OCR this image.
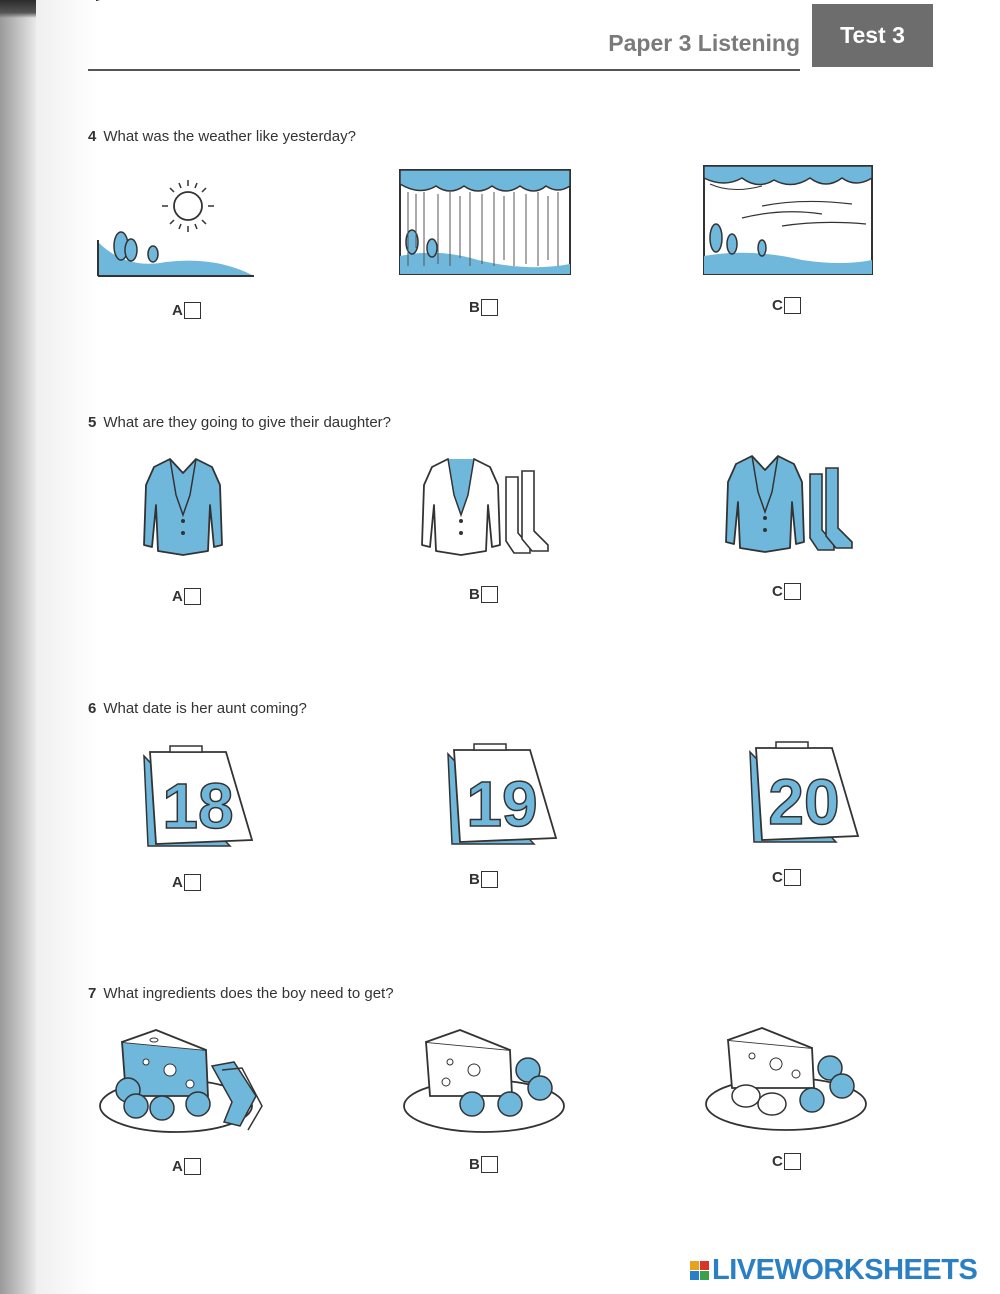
Paper 3 Listening	Test 3
4 What was the weather like yesterday?
A	B	C
5 What are they going to give their daughter?
A	B	C
6 What date is her aunt coming?
18
A
19
B
20
C
7 What ingredients does the boy need to get?
A	B	C
LIVEWORKSHEETS
